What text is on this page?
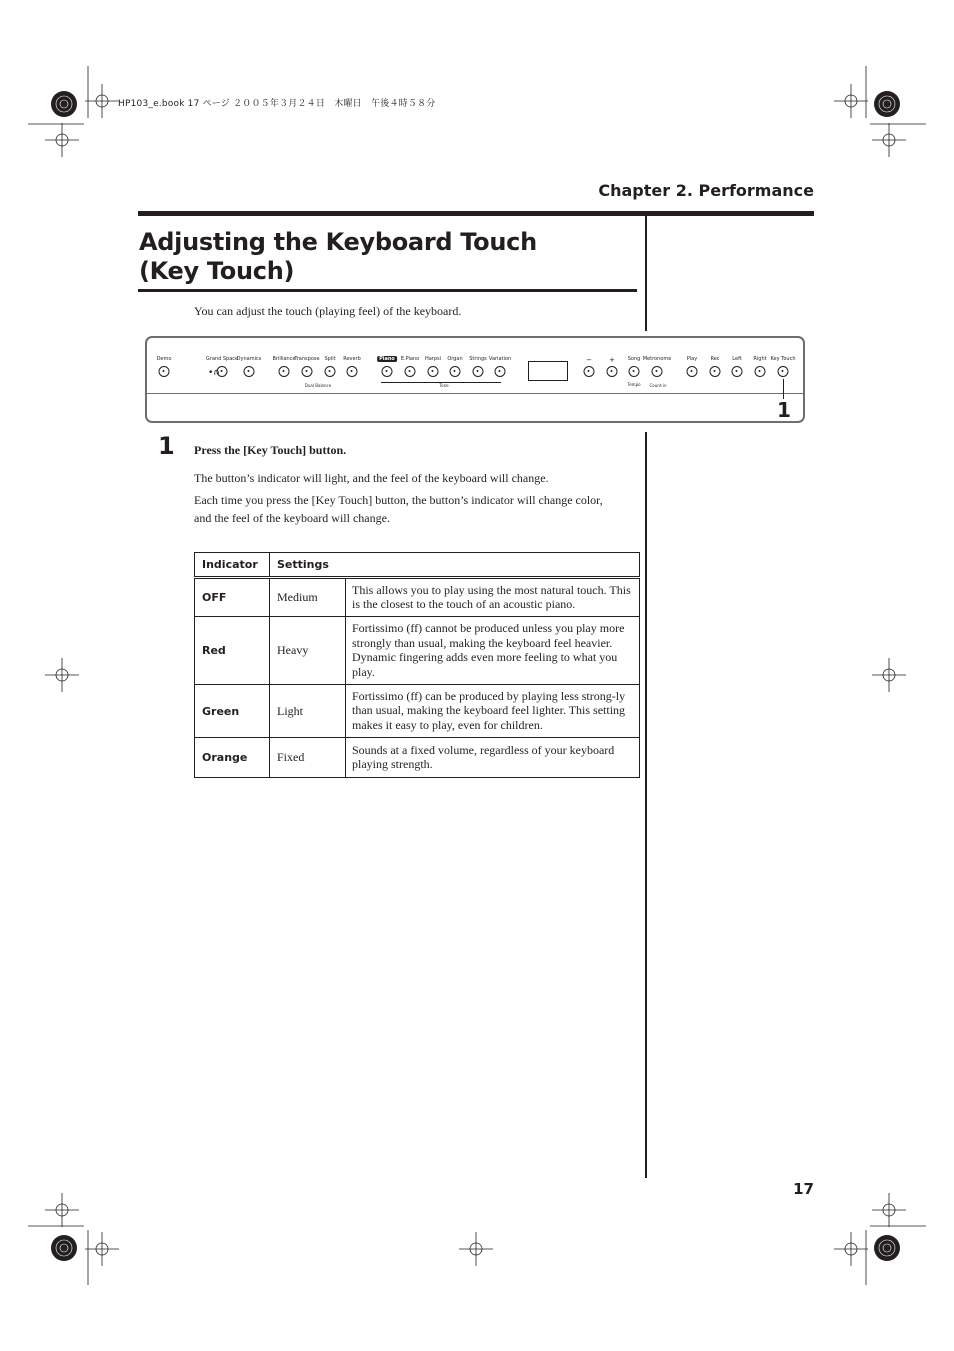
HP103_e.book 17 ページ ２００５年３月２４日　木曜日　午後４時５８分
Chapter 2. Performance
Adjusting the Keyboard Touch
(Key Touch)
You can adjust the touch (playing feel) of the keyboard.
Demo	Grand Space
Dynamics Brilliance
Transpose Split Reverb	Piano	E.Piano Harpsi Organ Strings Variation	− +	Song Metronome	Play	Rec	Left Right Key Touch
•∩
Dual Balance	Tone	Tempo Count-in
1
1 Press the [Key Touch] button.
The button’s indicator will light, and the feel of the keyboard will change.
Each time you press the [Key Touch] button, the button’s indicator will change color,
and the feel of the keyboard will change.
Indicator	Settings	
OFF	Medium	This allows you to play using the most natural touch. This is the closest to the touch of an acoustic piano.
Red	Heavy	Fortissimo (ff) cannot be produced unless you play more strongly than usual, making the keyboard feel heavier. Dynamic fingering adds even more feeling to what you play.
Green	Light	Fortissimo (ff) can be produced by playing less strong-ly than usual, making the keyboard feel lighter. This setting makes it easy to play, even for children.
Orange	Fixed	Sounds at a fixed volume, regardless of your keyboard playing strength.
17
